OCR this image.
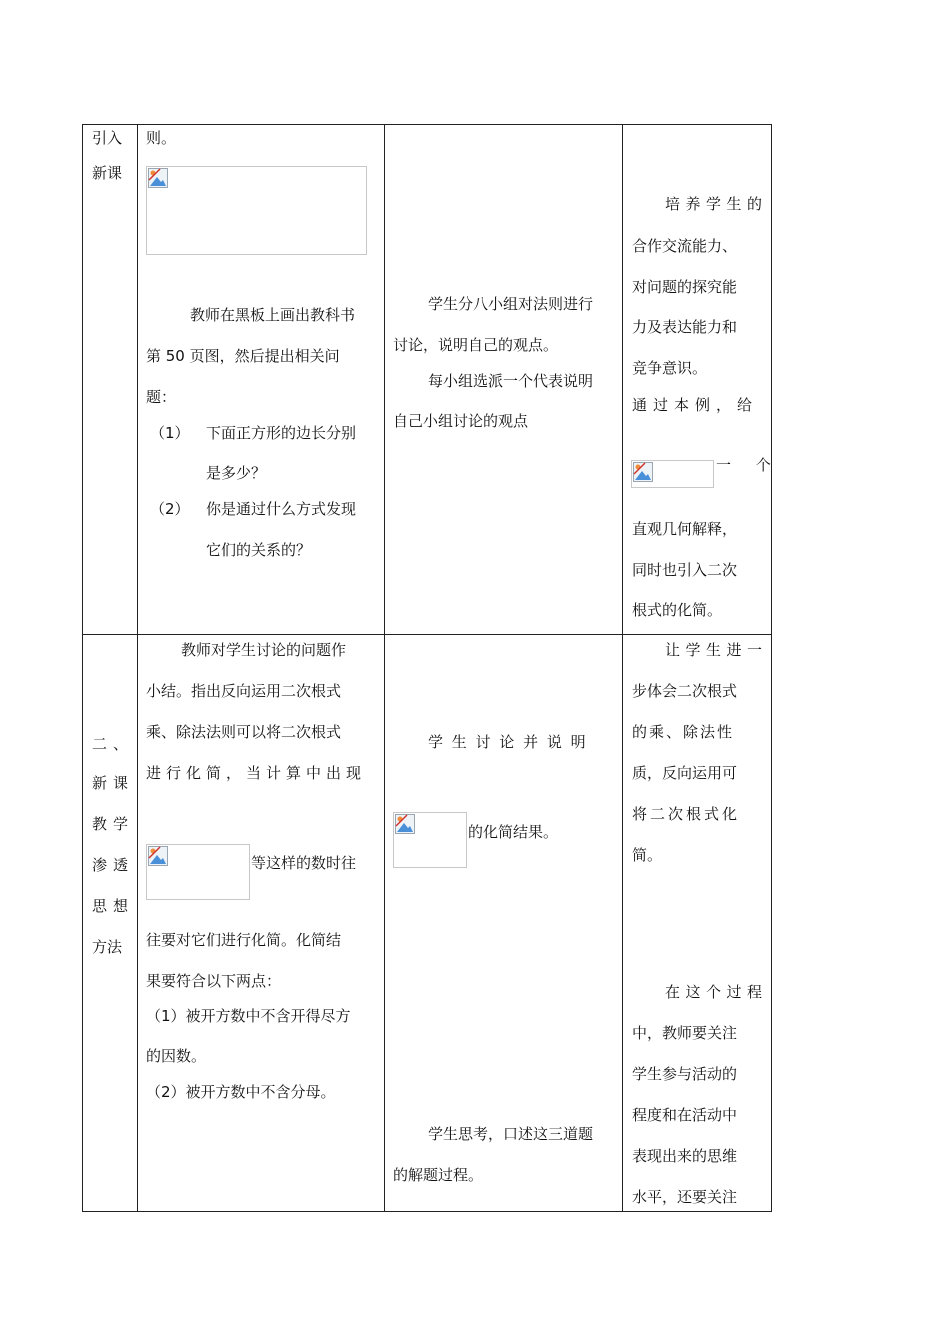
引入
新课
则。
教师在黑板上画出教科书
第 50 页图，然后提出相关问
题：
（1） 下面正方形的边长分别
是多少？
（2） 你是通过什么方式发现
它们的关系的？
学生分八小组对法则进行
讨论，说明自己的观点。
每小组选派一个代表说明
自己小组讨论的观点
培 养 学 生 的
合作交流能力、
对问题的探究能
力及表达能力和
竞争意识。
通过本例，给
一 个
直观几何解释，
同时也引入二次
根式的化简。
二、
新课
教学
渗透
思想
方法
教师对学生讨论的问题作
小结。指出反向运用二次根式
乘、除法法则可以将二次根式
进行化简，当计算中出现
等这样的数时往
往要对它们进行化简。化简结
果要符合以下两点：
（1）被开方数中不含开得尽方
的因数。
（2）被开方数中不含分母。
学 生 讨 论 并 说 明
的化简结果。
学生思考，口述这三道题
的解题过程。
让 学 生 进 一
步体会二次根式
的乘、除法性
质，反向运用可
将二次根式化
简。
在 这 个 过 程
中，教师要关注
学生参与活动的
程度和在活动中
表现出来的思维
水平，还要关注
